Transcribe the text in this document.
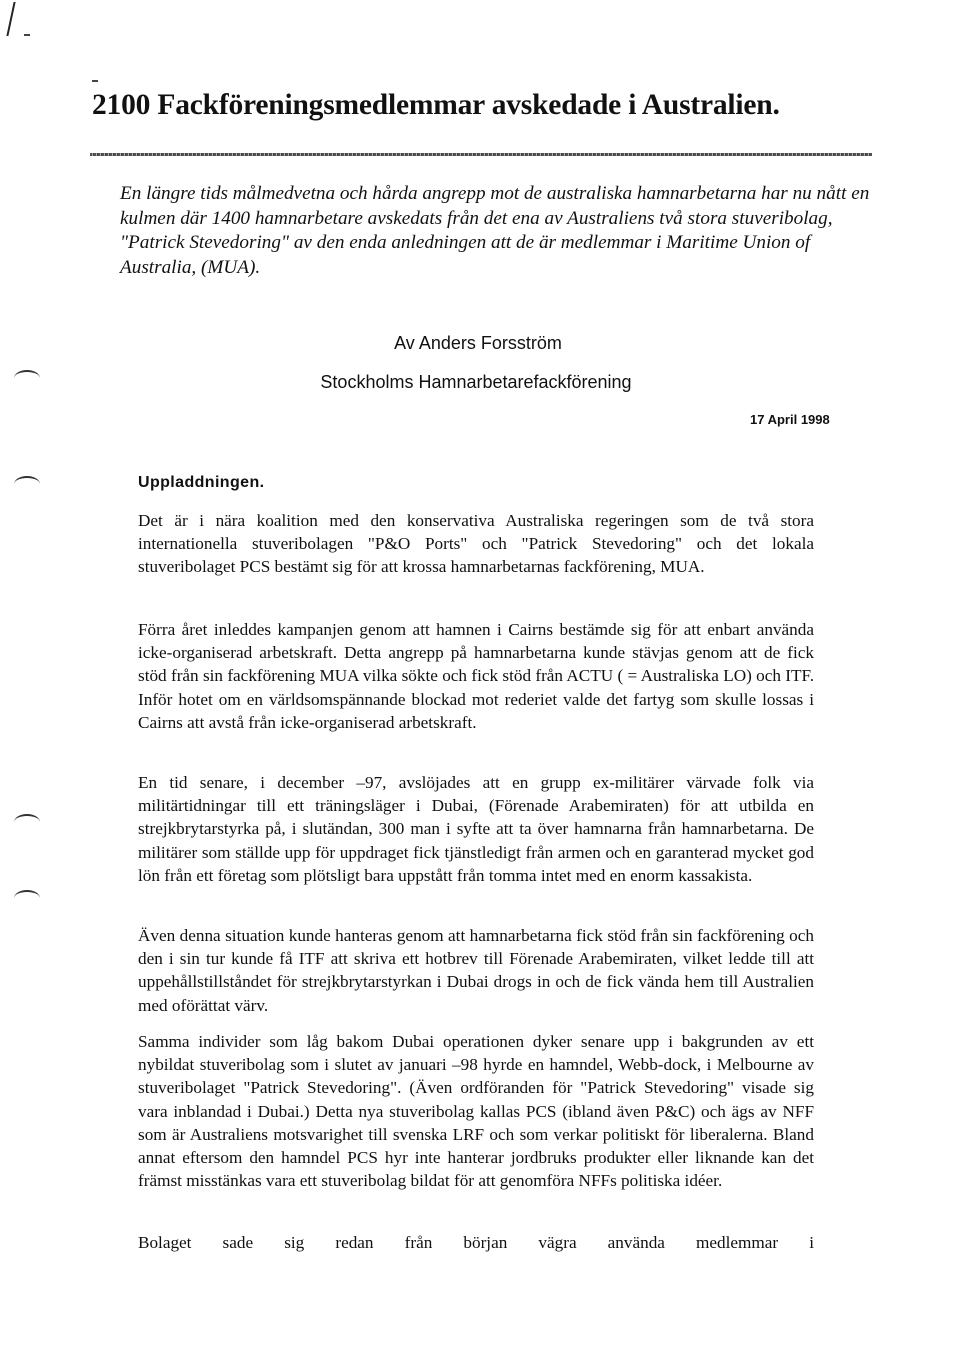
2100 Fackföreningsmedlemmar avskedade i Australien.

En längre tids målmedvetna och hårda angrepp mot de australiska hamnarbetarna har nu nått en kulmen där 1400 hamnarbetare avskedats från det ena av Australiens två stora stuveribolag, "Patrick Stevedoring" av den enda anledningen att de är medlemmar i Maritime Union of Australia, (MUA).

Av Anders Forsström

Stockholms Hamnarbetarefackförening

17 April 1998

Uppladdningen.

Det är i nära koalition med den konservativa Australiska regeringen som de två stora internationella stuveribolagen "P&O Ports" och "Patrick Stevedoring" och det lokala stuveribolaget PCS bestämt sig för att krossa hamnarbetarnas fackförening, MUA.

Förra året inleddes kampanjen genom att hamnen i Cairns bestämde sig för att enbart använda icke-organiserad arbetskraft. Detta angrepp på hamnarbetarna kunde stävjas genom att de fick stöd från sin fackförening MUA vilka sökte och fick stöd från ACTU ( = Australiska LO) och ITF. Inför hotet om en världsomspännande blockad mot rederiet valde det fartyg som skulle lossas i Cairns att avstå från icke-organiserad arbetskraft.

En tid senare, i december –97, avslöjades att en grupp ex-militärer värvade folk via militärtidningar till ett träningsläger i Dubai, (Förenade Arabemiraten) för att utbilda en strejkbrytarstyrka på, i slutändan, 300 man i syfte att ta över hamnarna från hamnarbetarna. De militärer som ställde upp för uppdraget fick tjänstledigt från armen och en garanterad mycket god lön från ett företag som plötsligt bara uppstått från tomma intet med en enorm kassakista.

Även denna situation kunde hanteras genom att hamnarbetarna fick stöd från sin fackförening och den i sin tur kunde få ITF att skriva ett hotbrev till Förenade Arabemiraten, vilket ledde till att uppehållstillståndet för strejkbrytarstyrkan i Dubai drogs in och de fick vända hem till Australien med oförättat värv.

Samma individer som låg bakom Dubai operationen dyker senare upp i bakgrunden av ett nybildat stuveribolag som i slutet av januari –98 hyrde en hamndel, Webb-dock, i Melbourne av stuveribolaget "Patrick Stevedoring". (Även ordföranden för "Patrick Stevedoring" visade sig vara inblandad i Dubai.) Detta nya stuveribolag kallas PCS (ibland även P&C) och ägs av NFF som är Australiens motsvarighet till svenska LRF och som verkar politiskt för liberalerna. Bland annat eftersom den hamndel PCS hyr inte hanterar jordbruks produkter eller liknande kan det främst misstänkas vara ett stuveribolag bildat för att genomföra NFFs politiska idéer.

Bolaget sade sig redan från början vägra använda medlemmar i
